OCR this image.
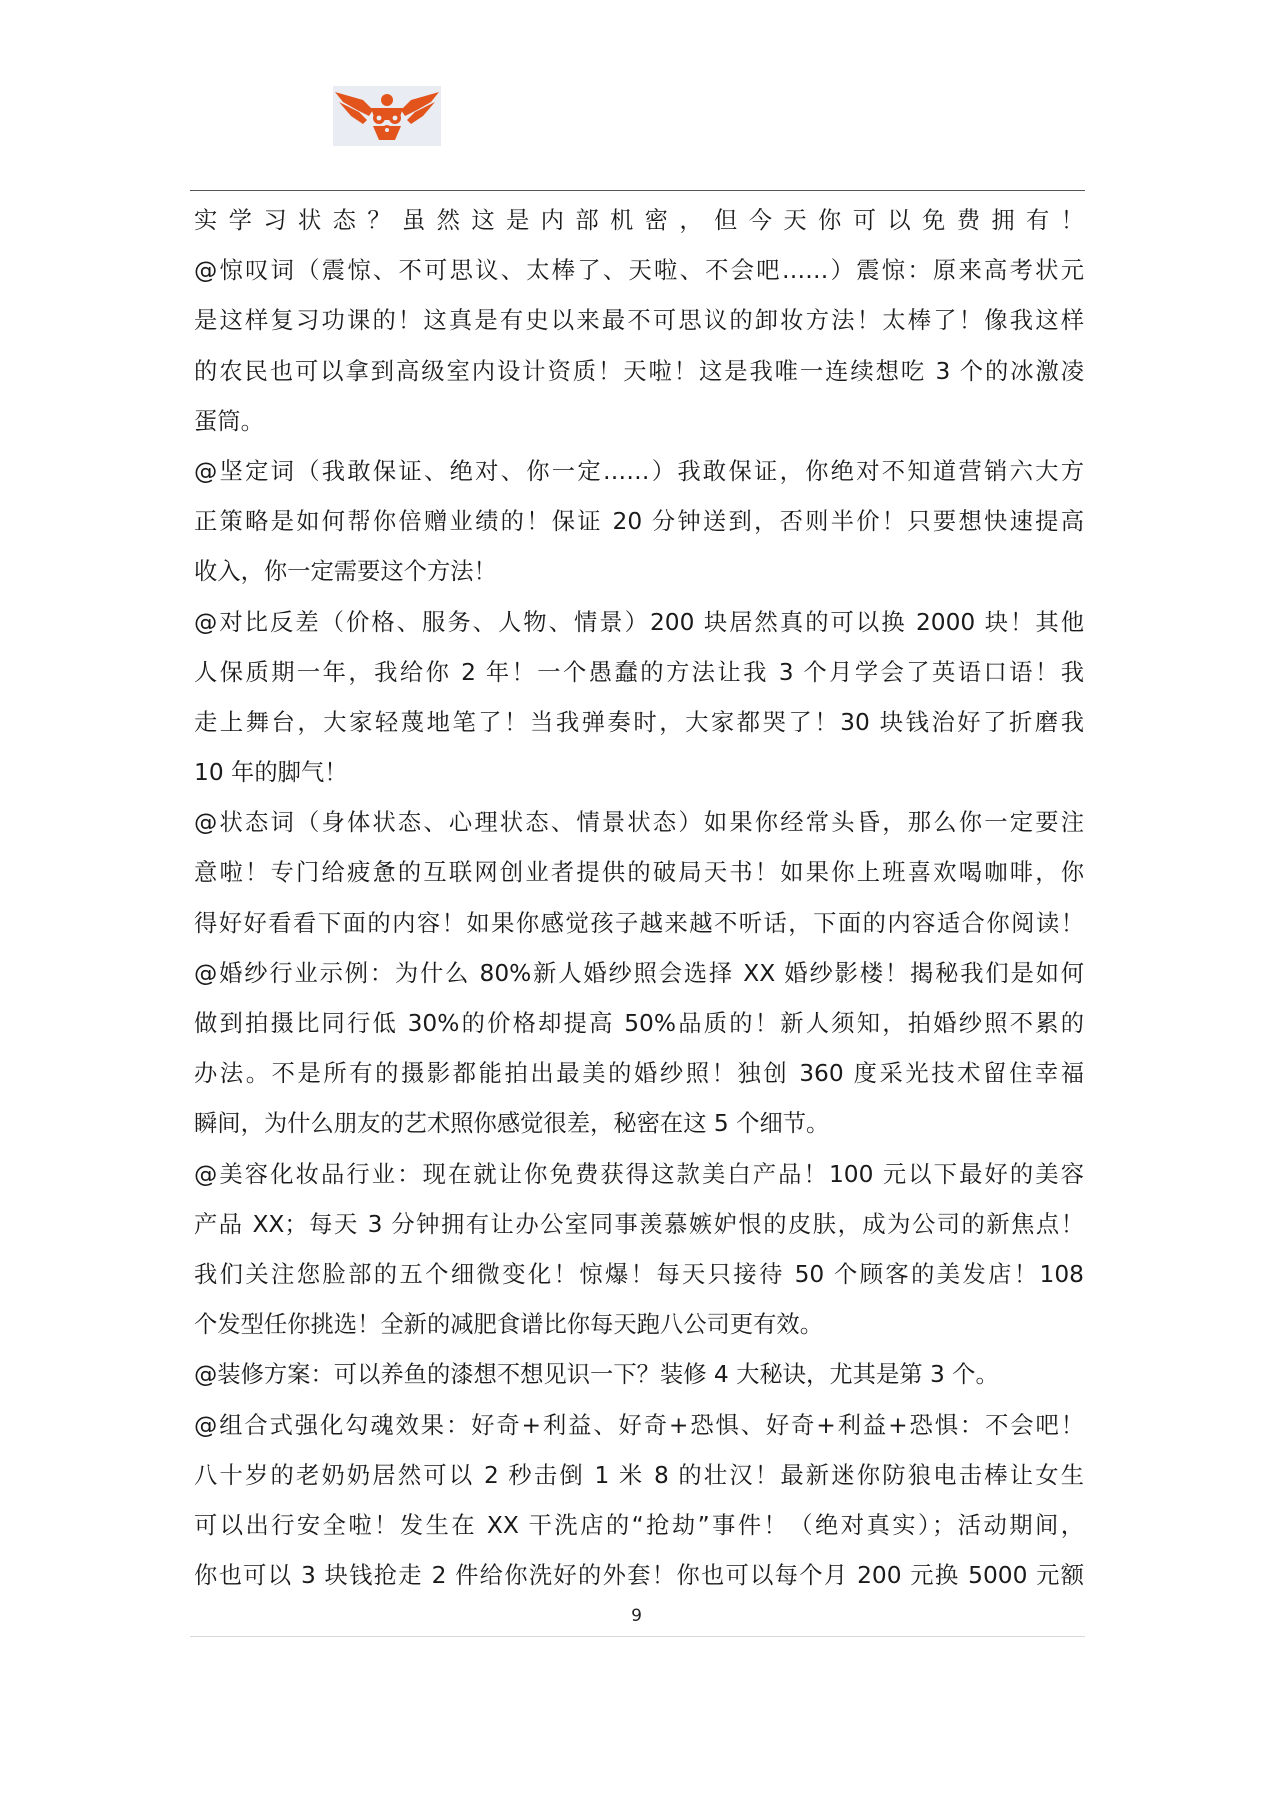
实学习状态？虽然这是内部机密，但今天你可以免费拥有！
@惊叹词（震惊、不可思议、太棒了、天啦、不会吧……）震惊：原来高考状元
是这样复习功课的！这真是有史以来最不可思议的卸妆方法！太棒了！像我这样
的农民也可以拿到高级室内设计资质！天啦！这是我唯一连续想吃 3 个的冰激凌
蛋筒。
@坚定词（我敢保证、绝对、你一定……）我敢保证，你绝对不知道营销六大方
正策略是如何帮你倍赠业绩的！保证 20 分钟送到，否则半价！只要想快速提高
收入，你一定需要这个方法！
@对比反差（价格、服务、人物、情景）200 块居然真的可以换 2000 块！其他
人保质期一年，我给你 2 年！一个愚蠢的方法让我 3 个月学会了英语口语！我
走上舞台，大家轻蔑地笔了！当我弹奏时，大家都哭了！30 块钱治好了折磨我
10 年的脚气！
@状态词（身体状态、心理状态、情景状态）如果你经常头昏，那么你一定要注
意啦！专门给疲惫的互联网创业者提供的破局天书！如果你上班喜欢喝咖啡，你
得好好看看下面的内容！如果你感觉孩子越来越不听话，下面的内容适合你阅读！
@婚纱行业示例：为什么 80%新人婚纱照会选择 XX 婚纱影楼！揭秘我们是如何
做到拍摄比同行低 30%的价格却提高 50%品质的！新人须知，拍婚纱照不累的
办法。不是所有的摄影都能拍出最美的婚纱照！独创 360 度采光技术留住幸福
瞬间，为什么朋友的艺术照你感觉很差，秘密在这 5 个细节。
@美容化妆品行业：现在就让你免费获得这款美白产品！100 元以下最好的美容
产品 XX；每天 3 分钟拥有让办公室同事羡慕嫉妒恨的皮肤，成为公司的新焦点！
我们关注您脸部的五个细微变化！惊爆！每天只接待 50 个顾客的美发店！108
个发型任你挑选！全新的减肥食谱比你每天跑八公司更有效。
@装修方案：可以养鱼的漆想不想见识一下？装修 4 大秘诀，尤其是第 3 个。
@组合式强化勾魂效果：好奇+利益、好奇+恐惧、好奇+利益+恐惧：不会吧！
八十岁的老奶奶居然可以 2 秒击倒 1 米 8 的壮汉！最新迷你防狼电击棒让女生
可以出行安全啦！发生在 XX 干洗店的“抢劫”事件！（绝对真实）；活动期间，
你也可以 3 块钱抢走 2 件给你洗好的外套！你也可以每个月 200 元换 5000 元额
9
